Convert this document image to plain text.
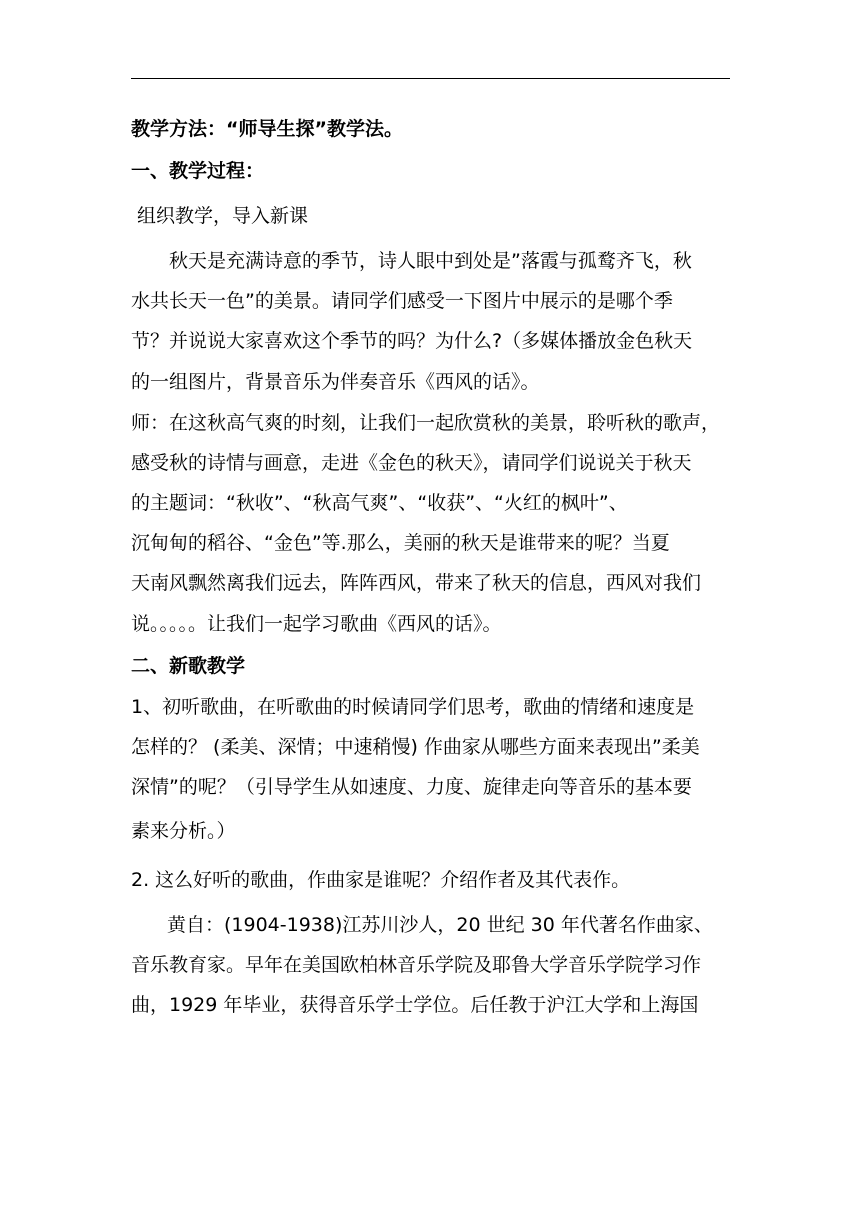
教学方法：“师导生探”教学法。
一、教学过程：
组织教学，导入新课
秋天是充满诗意的季节，诗人眼中到处是”落霞与孤鹜齐飞，秋
水共长天一色”的美景。请同学们感受一下图片中展示的是哪个季
节？并说说大家喜欢这个季节的吗？为什么?（多媒体播放金色秋天
的一组图片，背景音乐为伴奏音乐《西风的话》。
师：在这秋高气爽的时刻，让我们一起欣赏秋的美景，聆听秋的歌声，
感受秋的诗情与画意，走进《金色的秋天》，请同学们说说关于秋天
的主题词：“秋收”、“秋高气爽”、“收获”、“火红的枫叶”、
沉甸甸的稻谷、“金色”等.那么，美丽的秋天是谁带来的呢？当夏
天南风飘然离我们远去，阵阵西风，带来了秋天的信息，西风对我们
说。。。。。让我们一起学习歌曲《西风的话》。
二、新歌教学
1、初听歌曲，在听歌曲的时候请同学们思考，歌曲的情绪和速度是
怎样的？ (柔美、深情；中速稍慢) 作曲家从哪些方面来表现出”柔美
深情”的呢？（引导学生从如速度、力度、旋律走向等音乐的基本要
素来分析。）
2. 这么好听的歌曲，作曲家是谁呢？介绍作者及其代表作。
黄自：(1904-1938)江苏川沙人，20 世纪 30 年代著名作曲家、
音乐教育家。早年在美国欧柏林音乐学院及耶鲁大学音乐学院学习作
曲，1929 年毕业，获得音乐学士学位。后任教于沪江大学和上海国
